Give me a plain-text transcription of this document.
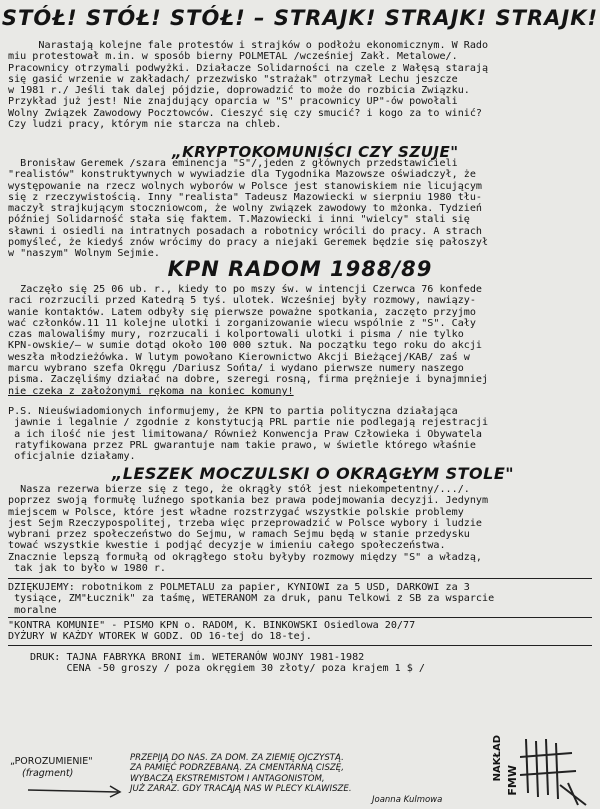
STÓŁ! STÓŁ! STÓŁ! – STRAJK! STRAJK! STRAJK!
Narastają kolejne fale protestów i strajków o podłożu ekonomicznym. W Rado
miu protestował m.in. w sposób bierny POLMETAL /wcześniej Zakł. Metalowe/.
Pracownicy otrzymali podwyżki. Działacze Solidarności na czele z Wałęsą starają
się gasić wrzenie w zakładach/ przezwisko "strażak" otrzymał Lechu jeszcze
w 1981 r./ Jeśli tak dalej pójdzie, doprowadzić to może do rozbicia Związku.
Przykład już jest! Nie znajdujący oparcia w "S" pracownicy UP"-ów powołali
Wolny Związek Zawodowy Pocztowców. Cieszyć się czy smucić? i kogo za to winić?
Czy ludzi pracy, którym nie starcza na chleb.
„KRYPTOKOMUNIŚCI CZY SZUJE"
Bronisław Geremek /szara eminencja "S"/,jeden z głównych przedstawicieli
"realistów" konstruktywnych w wywiadzie dla Tygodnika Mazowsze oświadczył, że
występowanie na rzecz wolnych wyborów w Polsce jest stanowiskiem nie licującym
się z rzeczywistością. Inny "realista" Tadeusz Mazowiecki w sierpniu 1980 tłu-
maczył strajkującym stoczniowcom, że wolny związek zawodowy to mżonka. Tydzień
później Solidarność stała się faktem. T.Mazowiecki i inni "wielcy" stali się
sławni i osiedli na intratnych posadach a robotnicy wrócili do pracy. A strach
pomyśleć, że kiedyś znów wrócimy do pracy a niejaki Geremek będzie się pałoszył
w "naszym" Wolnym Sejmie.
KPN RADOM 1988/89
Zaczęło się 25 06 ub. r., kiedy to po mszy św. w intencji Czerwca 76 konfede
raci rozrzucili przed Katedrą 5 tyś. ulotek. Wcześniej były rozmowy, nawiązy-
wanie kontaktów. Latem odbyły się pierwsze poważne spotkania, zaczęto przyjmo
wać członków.11 11 kolejne ulotki i zorganizowanie wiecu wspólnie z "S". Cały
czas malowaliśmy mury, rozrzucali i kolportowali ulotki i pisma / nie tylko
KPN-owskie/– w sumie dotąd około 100 000 sztuk. Na początku tego roku do akcji
weszła młodzieżówka. W lutym powołano Kierownictwo Akcji Bieżącej/KAB/ zaś w
marcu wybrano szefa Okręgu /Dariusz Sońta/ i wydano pierwsze numery naszego
pisma. Zaczęliśmy działać na dobre, szeregi rosną, firma prężnieje i bynajmniej
nie czeka z założonymi rękoma na koniec komuny!
P.S. Nieuświadomionych informujemy, że KPN to partia polityczna działająca
jawnie i legalnie / zgodnie z konstytucją PRL partie nie podlegają rejestracji
a ich ilość nie jest limitowana/ Również Konwencja Praw Człowieka i Obywatela
ratyfikowana przez PRL gwarantuje nam takie prawo, w świetle którego właśnie
oficjalnie działamy.
„LESZEK MOCZULSKI O OKRĄGŁYM STOLE"
Nasza rezerwa bierze się z tego, że okrągły stół jest niekompetentny/.../.
poprzez swoją formułę luźnego spotkania bez prawa podejmowania decyzji. Jedynym
miejscem w Polsce, które jest władne rozstrzygać wszystkie polskie problemy
jest Sejm Rzeczypospolitej, trzeba więc przeprowadzić w Polsce wybory i ludzie
wybrani przez społeczeństwo do Sejmu, w ramach Sejmu będą w stanie przedysku
tować wszystkie kwestie i podjąć decyzje w imieniu całego społeczeństwa.
Znacznie lepszą formułą od okrągłego stołu byłyby rozmowy między "S" a władzą,
tak jak to było w 1980 r.
DZIĘKUJEMY: robotnikom z POLMETALU za papier, KYNIOWI za 5 USD, DARKOWI za 3
tysiące, ZM"Łucznik" za taśmę, WETERANOM za druk, panu Telkowi z SB za wsparcie
moralne
"KONTRA KOMUNIE" - PISMO KPN o. RADOM, K. BINKOWSKI Osiedlowa 20/77
DYŻURY W KAŻDY WTOREK W GODZ. OD 16-tej do 18-tej.
DRUK: TAJNA FABRYKA BRONI im. WETERANÓW WOJNY 1981-1982
CENA -50 groszy / poza okręgiem 30 złoty/ poza krajem 1 $ /
„POROZUMIENIE"
(fragment)
PRZEPIJĄ DO NAS. ZA DOM. ZA ZIEMIĘ OJCZYSTĄ.
ZA PAMIĘĆ PODRZEBANĄ. ZA CMENTARNĄ CISZĘ,
WYBACZĄ EKSTREMISTOM I ANTAGONISTOM,
JUŻ ZARAZ. GDY TRACĄJĄ NAS W PLECY KLAWISZE.
Joanna Kulmowa
NAKŁAD FMW
